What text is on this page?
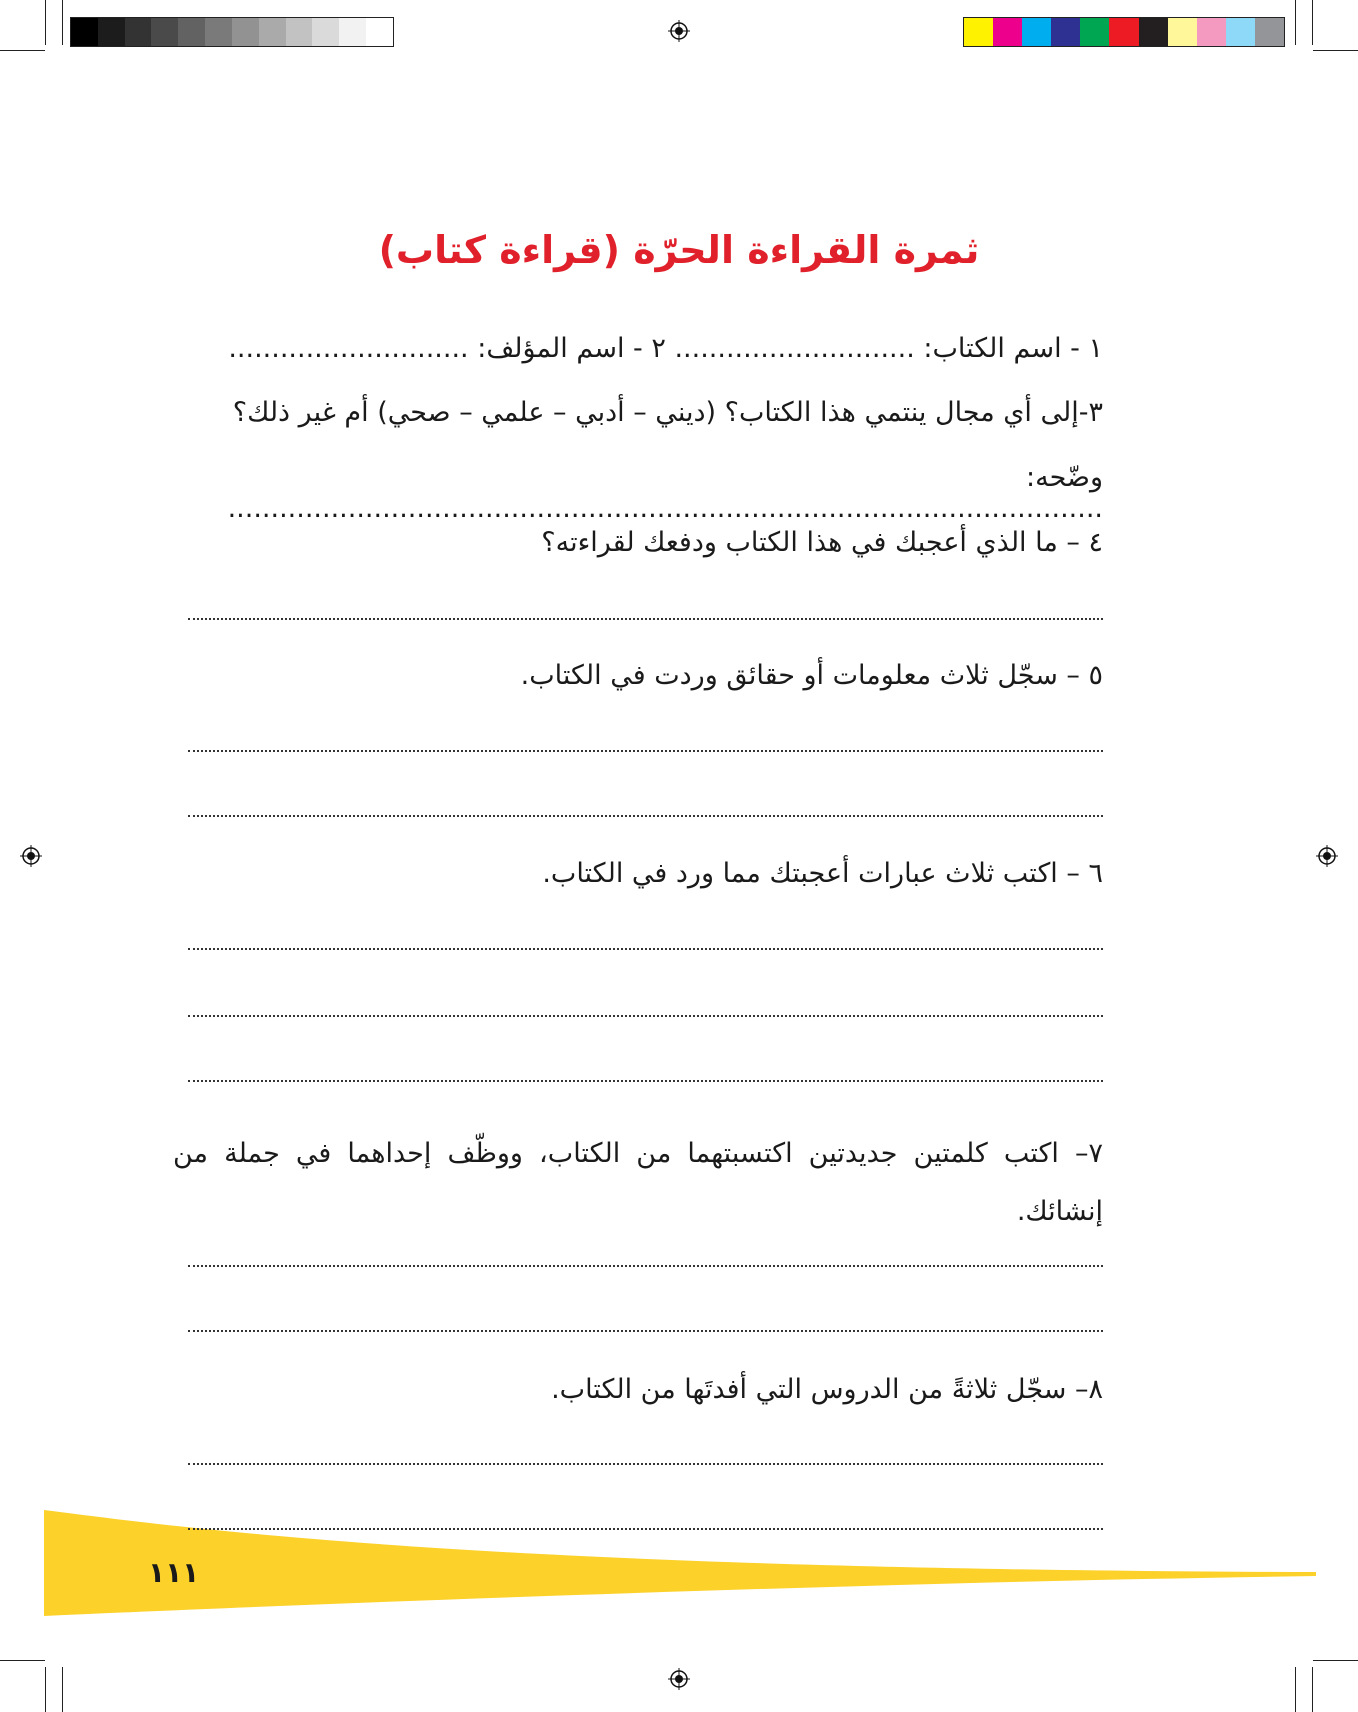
ثمرة القراءة الحرّة (قراءة كتاب)
١ - اسم الكتاب: ............................ ٢ - اسم المؤلف: ............................
٣-إلى أي مجال ينتمي هذا الكتاب؟ (ديني – أدبي – علمي – صحي) أم غير ذلك؟
وضّحه: ......................................................................................................
٤ – ما الذي أعجبك في هذا الكتاب ودفعك لقراءته؟
٥ – سجّل ثلاث معلومات أو حقائق وردت في الكتاب.
٦ – اكتب ثلاث عبارات أعجبتك مما ورد في الكتاب.
٧– اكتب كلمتين جديدتين اكتسبتهما من الكتاب، ووظّف إحداهما في جملة من إنشائك.
٨– سجّل ثلاثةً من الدروس التي أفدتَها من الكتاب.
١١١
